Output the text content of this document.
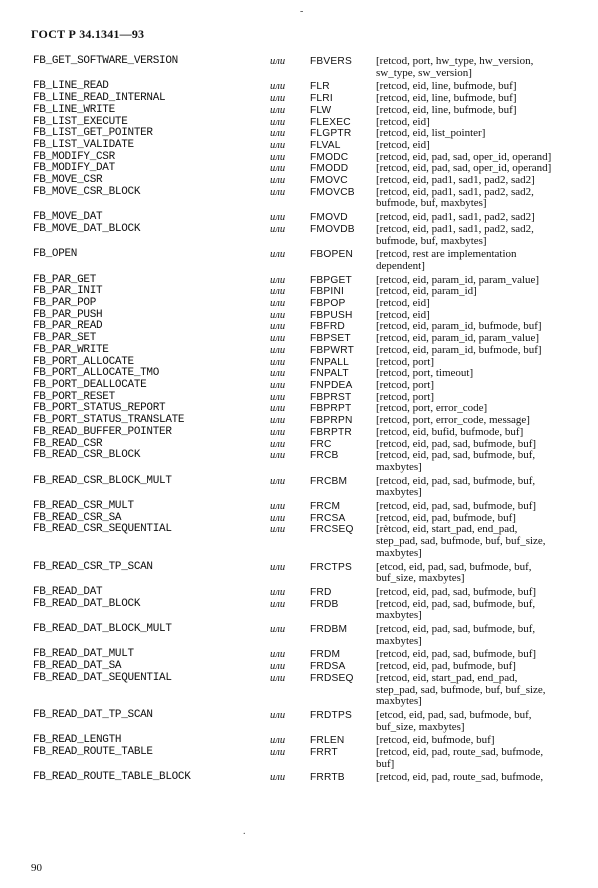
ГОСТ Р 34.1341—93
-
.
FB_GET_SOFTWARE_VERSION	или	FBVERS	[retcod, port, hw_type, hw_version,
sw_type, sw_version]
FB_LINE_READ	или	FLR	[retcod, eid, line, bufmode, buf]
FB_LINE_READ_INTERNAL	или	FLRI	[retcod, eid, line, bufmode, buf]
FB_LINE_WRITE	или	FLW	[retcod, eid, line, bufmode, buf]
FB_LIST_EXECUTE	или	FLEXEC	[retcod, eid]
FB_LIST_GET_POINTER	или	FLGPTR	[retcod, eid, list_pointer]
FB_LIST_VALIDATE	или	FLVAL	[retcod, eid]
FB_MODIFY_CSR	или	FMODC	[retcod, eid, pad, sad, oper_id, operand]
FB_MODIFY_DAT	или	FMODD	[retcod, eid, pad, sad, oper_id, operand]
FB_MOVE_CSR	или	FMOVC	[retcod, eid, pad1, sad1, pad2, sad2]
FB_MOVE_CSR_BLOCK	или	FMOVCB	[retcod, eid, pad1, sad1, pad2, sad2,
bufmode, buf, maxbytes]
FB_MOVE_DAT	или	FMOVD	[retcod, eid, pad1, sad1, pad2, sad2]
FB_MOVE_DAT_BLOCK	или	FMOVDB	[retcod, eid, pad1, sad1, pad2, sad2,
bufmode, buf, maxbytes]
FB_OPEN	или	FBOPEN	[retcod, rest are implementation
dependent]
FB_PAR_GET	или	FBPGET	[retcod, eid, param_id, param_value]
FB_PAR_INIT	или	FBPINI	[retcod, eid, param_id]
FB_PAR_POP	или	FBPOP	[retcod, eid]
FB_PAR_PUSH	или	FBPUSH	[retcod, eid]
FB_PAR_READ	или	FBFRD	[retcod, eid, param_id, bufmode, buf]
FB_PAR_SET	или	FBPSET	[retcod, eid, param_id, param_value]
FB_PAR_WRITE	или	FBPWRT	[retcod, eid, param_id, bufmode, buf]
FB_PORT_ALLOCATE	или	FNPALL	[retcod, port]
FB_PORT_ALLOCATE_TMO	или	FNPALT	[retcod, port, timeout]
FB_PORT_DEALLOCATE	или	FNPDEA	[retcod, port]
FB_PORT_RESET	или	FBPRST	[retcod, port]
FB_PORT_STATUS_REPORT	или	FBPRPT	[retcod, port, error_code]
FB_PORT_STATUS_TRANSLATE	или	FBPRPN	[retcod, port, error_code, message]
FB_READ_BUFFER_POINTER	или	FBRPTR	[retcod, eid, bufid, bufmode, buf]
FB_READ_CSR	или	FRC	[retcod, eid, pad, sad, bufmode, buf]
FB_READ_CSR_BLOCK	или	FRCB	[retcod, eid, pad, sad, bufmode, buf,
maxbytes]
FB_READ_CSR_BLOCK_MULT	или	FRCBM	[retcod, eid, pad, sad, bufmode, buf,
maxbytes]
FB_READ_CSR_MULT	или	FRCM	[retcod, eid, pad, sad, bufmode, buf]
FB_READ_CSR_SA	или	FRCSA	[retcod, eid, pad, bufmode, buf]
FB_READ_CSR_SEQUENTIAL	или	FRCSEQ	[rètcod, eid, start_pad, end_pad,
step_pad, sad, bufmode, buf, buf_size,
maxbytes]
FB_READ_CSR_TP_SCAN	или	FRCTPS	[etcod, eid, pad, sad, bufmode, buf,
buf_size, maxbytes]
FB_READ_DAT	или	FRD	[retcod, eid, pad, sad, bufmode, buf]
FB_READ_DAT_BLOCK	или	FRDB	[retcod, eid, pad, sad, bufmode, buf,
maxbytes]
FB_READ_DAT_BLOCK_MULT	или	FRDBM	[retcod, eid, pad, sad, bufmode, buf,
maxbytes]
FB_READ_DAT_MULT	или	FRDM	[retcod, eid, pad, sad, bufmode, buf]
FB_READ_DAT_SA	или	FRDSA	[retcod, eid, pad, bufmode, buf]
FB_READ_DAT_SEQUENTIAL	или	FRDSEQ	[retcod, eid, start_pad, end_pad,
step_pad, sad, bufmode, buf, buf_size,
maxbytes]
FB_READ_DAT_TP_SCAN	или	FRDTPS	[etcod, eid, pad, sad, bufmode, buf,
buf_size, maxbytes]
FB_READ_LENGTH	или	FRLEN	[retcod, eid, bufmode, buf]
FB_READ_ROUTE_TABLE	или	FRRT	[retcod, eid, pad, route_sad, bufmode,
buf]
FB_READ_ROUTE_TABLE_BLOCK	или	FRRTB	[retcod, eid, pad, route_sad, bufmode,
90
